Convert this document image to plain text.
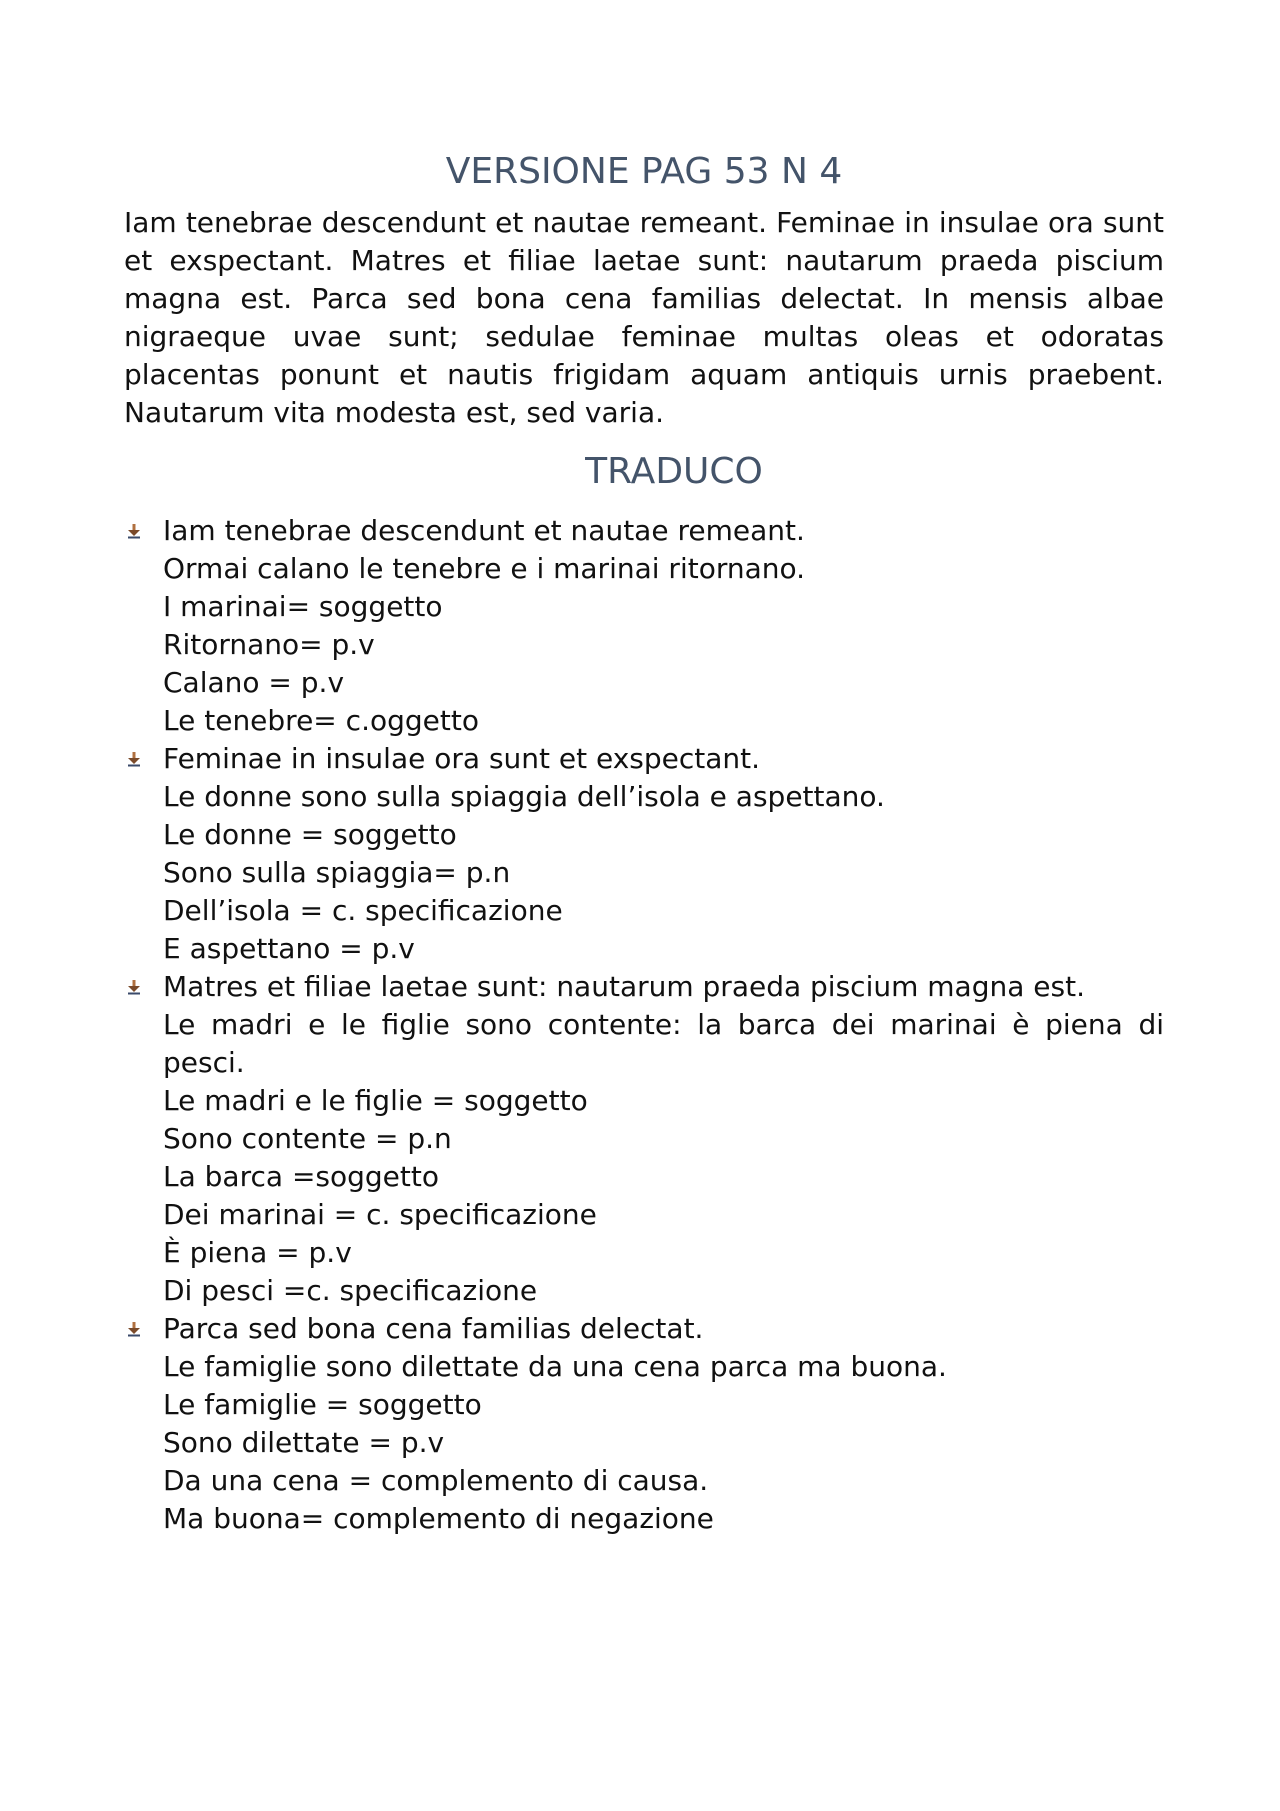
VERSIONE PAG 53 N 4

Iam tenebrae descendunt et nautae remeant. Feminae in insulae ora sunt et exspectant. Matres et filiae laetae sunt: nautarum praeda piscium magna est. Parca sed bona cena familias delectat. In mensis albae nigraeque uvae sunt; sedulae feminae multas oleas et odoratas placentas ponunt et nautis frigidam aquam antiquis urnis praebent. Nautarum vita modesta est, sed varia.

TRADUCO
Iam tenebrae descendunt et nautae remeant.
Ormai calano le tenebre e i marinai ritornano.
I marinai= soggetto
Ritornano= p.v
Calano = p.v
Le tenebre= c.oggetto
Feminae in insulae ora sunt et exspectant.
Le donne sono sulla spiaggia dell’isola e aspettano.
Le donne = soggetto
Sono sulla spiaggia= p.n
Dell’isola = c. specificazione
E aspettano = p.v
Matres et filiae laetae sunt: nautarum praeda piscium magna est.
Le madri e le figlie sono contente: la barca dei marinai è piena di pesci.
Le madri e le figlie = soggetto
Sono contente = p.n
La barca =soggetto
Dei marinai = c. specificazione
È piena = p.v
Di pesci =c. specificazione
Parca sed bona cena familias delectat.
Le famiglie sono dilettate da una cena parca ma buona.
Le famiglie = soggetto
Sono dilettate = p.v
Da una cena = complemento di causa.
Ma buona= complemento di negazione
